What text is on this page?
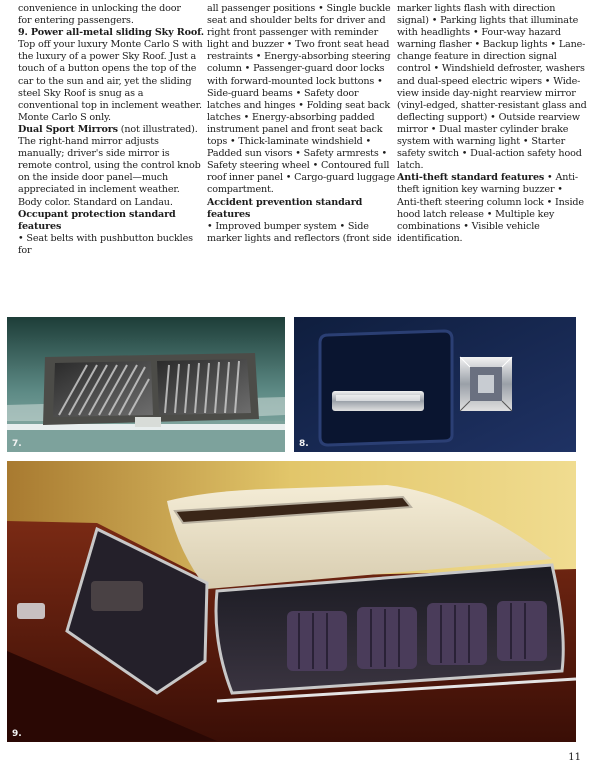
convenience in unlocking the door
for entering passengers.

9. Power all-metal sliding Sky Roof.
Top off your luxury Monte Carlo S with the luxury of a power Sky Roof. Just a touch of a button opens the top of the car to the sun and air, yet the sliding steel Sky Roof is snug as a conventional top in inclement weather. Monte Carlo S only.

Dual Sport Mirrors (not illustrated).
The right-hand mirror adjusts manually; driver's side mirror is remote control, using the control knob on the inside door panel—much appreciated in inclement weather. Body color. Standard on Landau.

Occupant protection standard features
• Seat belts with pushbutton buckles for

all passenger positions • Single buckle seat and shoulder belts for driver and right front passenger with reminder light and buzzer • Two front seat head restraints • Energy-absorbing steering column • Passenger-guard door locks with forward-mounted lock buttons • Side-guard beams • Safety door latches and hinges • Folding seat back latches • Energy-absorbing padded instrument panel and front seat back tops • Thick-laminate windshield • Padded sun visors • Safety armrests • Safety steering wheel • Contoured full roof inner panel • Cargo-guard luggage compartment.

Accident prevention standard features
• Improved bumper system • Side marker lights and reflectors (front side

marker lights flash with direction signal) • Parking lights that illuminate with headlights • Four-way hazard warning flasher • Backup lights • Lane-change feature in direction signal control • Windshield defroster, washers and dual-speed electric wipers • Wide-view inside day-night rearview mirror (vinyl-edged, shatter-resistant glass and deflecting support) • Outside rearview mirror • Dual master cylinder brake system with warning light • Starter safety switch • Dual-action safety hood latch.

Anti-theft standard features • Anti-theft ignition key warning buzzer • Anti-theft steering column lock • Inside hood latch release • Multiple key combinations • Visible vehicle identification.

7.	8.
9.
11
